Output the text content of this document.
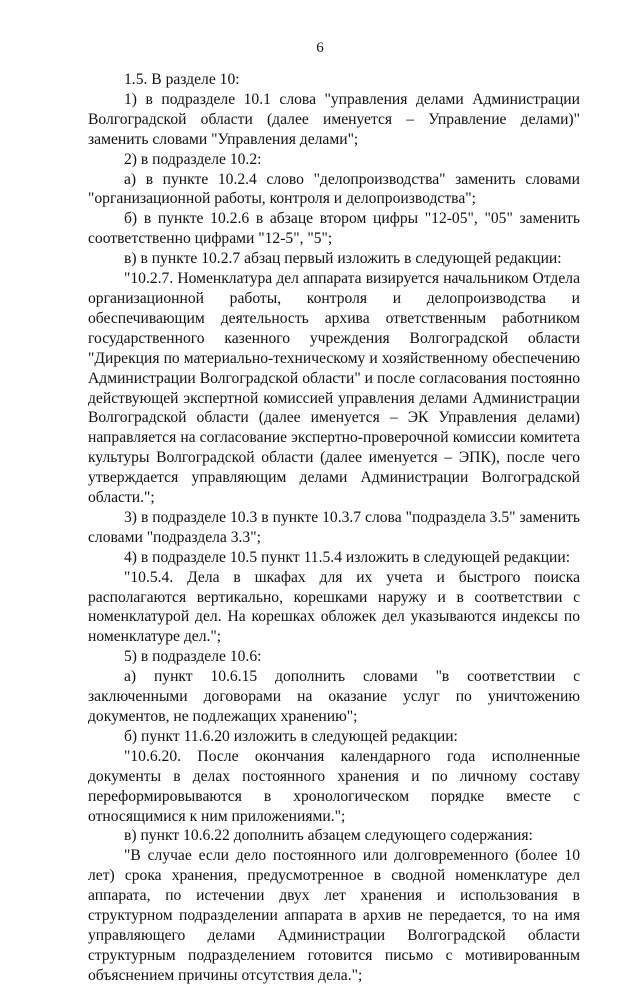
6

1.5. В разделе 10:

1) в подразделе 10.1 слова "управления делами Администрации Волгоградской области (далее именуется – Управление делами)" заменить словами "Управления делами";

2) в подразделе 10.2:

а) в пункте 10.2.4 слово "делопроизводства" заменить словами "организационной работы, контроля и делопроизводства";

б) в пункте 10.2.6 в абзаце втором цифры "12-05", "05" заменить соответственно цифрами "12-5", "5";

в) в пункте 10.2.7 абзац первый изложить в следующей редакции:

"10.2.7. Номенклатура дел аппарата визируется начальником Отдела организационной работы, контроля и делопроизводства и обеспечивающим деятельность архива ответственным работником государственного казенного учреждения Волгоградской области "Дирекция по материально-техническому и хозяйственному обеспечению Администрации Волгоградской области" и после согласования постоянно действующей экспертной комиссией управления делами Администрации Волгоградской области (далее именуется – ЭК Управления делами) направляется на согласование экспертно-проверочной комиссии комитета культуры Волгоградской области (далее именуется – ЭПК), после чего утверждается управляющим делами Администрации Волгоградской области.";

3) в подразделе 10.3 в пункте 10.3.7 слова "подраздела 3.5" заменить словами "подраздела 3.3";

4) в подразделе 10.5 пункт 11.5.4 изложить в следующей редакции:

"10.5.4. Дела в шкафах для их учета и быстрого поиска располагаются вертикально, корешками наружу и в соответствии с номенклатурой дел. На корешках обложек дел указываются индексы по номенклатуре дел.";

5) в подразделе 10.6:

а) пункт 10.6.15 дополнить словами "в соответствии с заключенными договорами на оказание услуг по уничтожению документов, не подлежащих хранению";

б) пункт 11.6.20 изложить в следующей редакции:

"10.6.20. После окончания календарного года исполненные документы в делах постоянного хранения и по личному составу переформировываются в хронологическом порядке вместе с относящимися к ним приложениями.";

в) пункт 10.6.22 дополнить абзацем следующего содержания:

"В случае если дело постоянного или долговременного (более 10 лет) срока хранения, предусмотренное в сводной номенклатуре дел аппарата, по истечении двух лет хранения и использования в структурном подразделении аппарата в архив не передается, то на имя управляющего делами Администрации Волгоградской области структурным подразделением готовится письмо с мотивированным объяснением причины отсутствия дела.";
